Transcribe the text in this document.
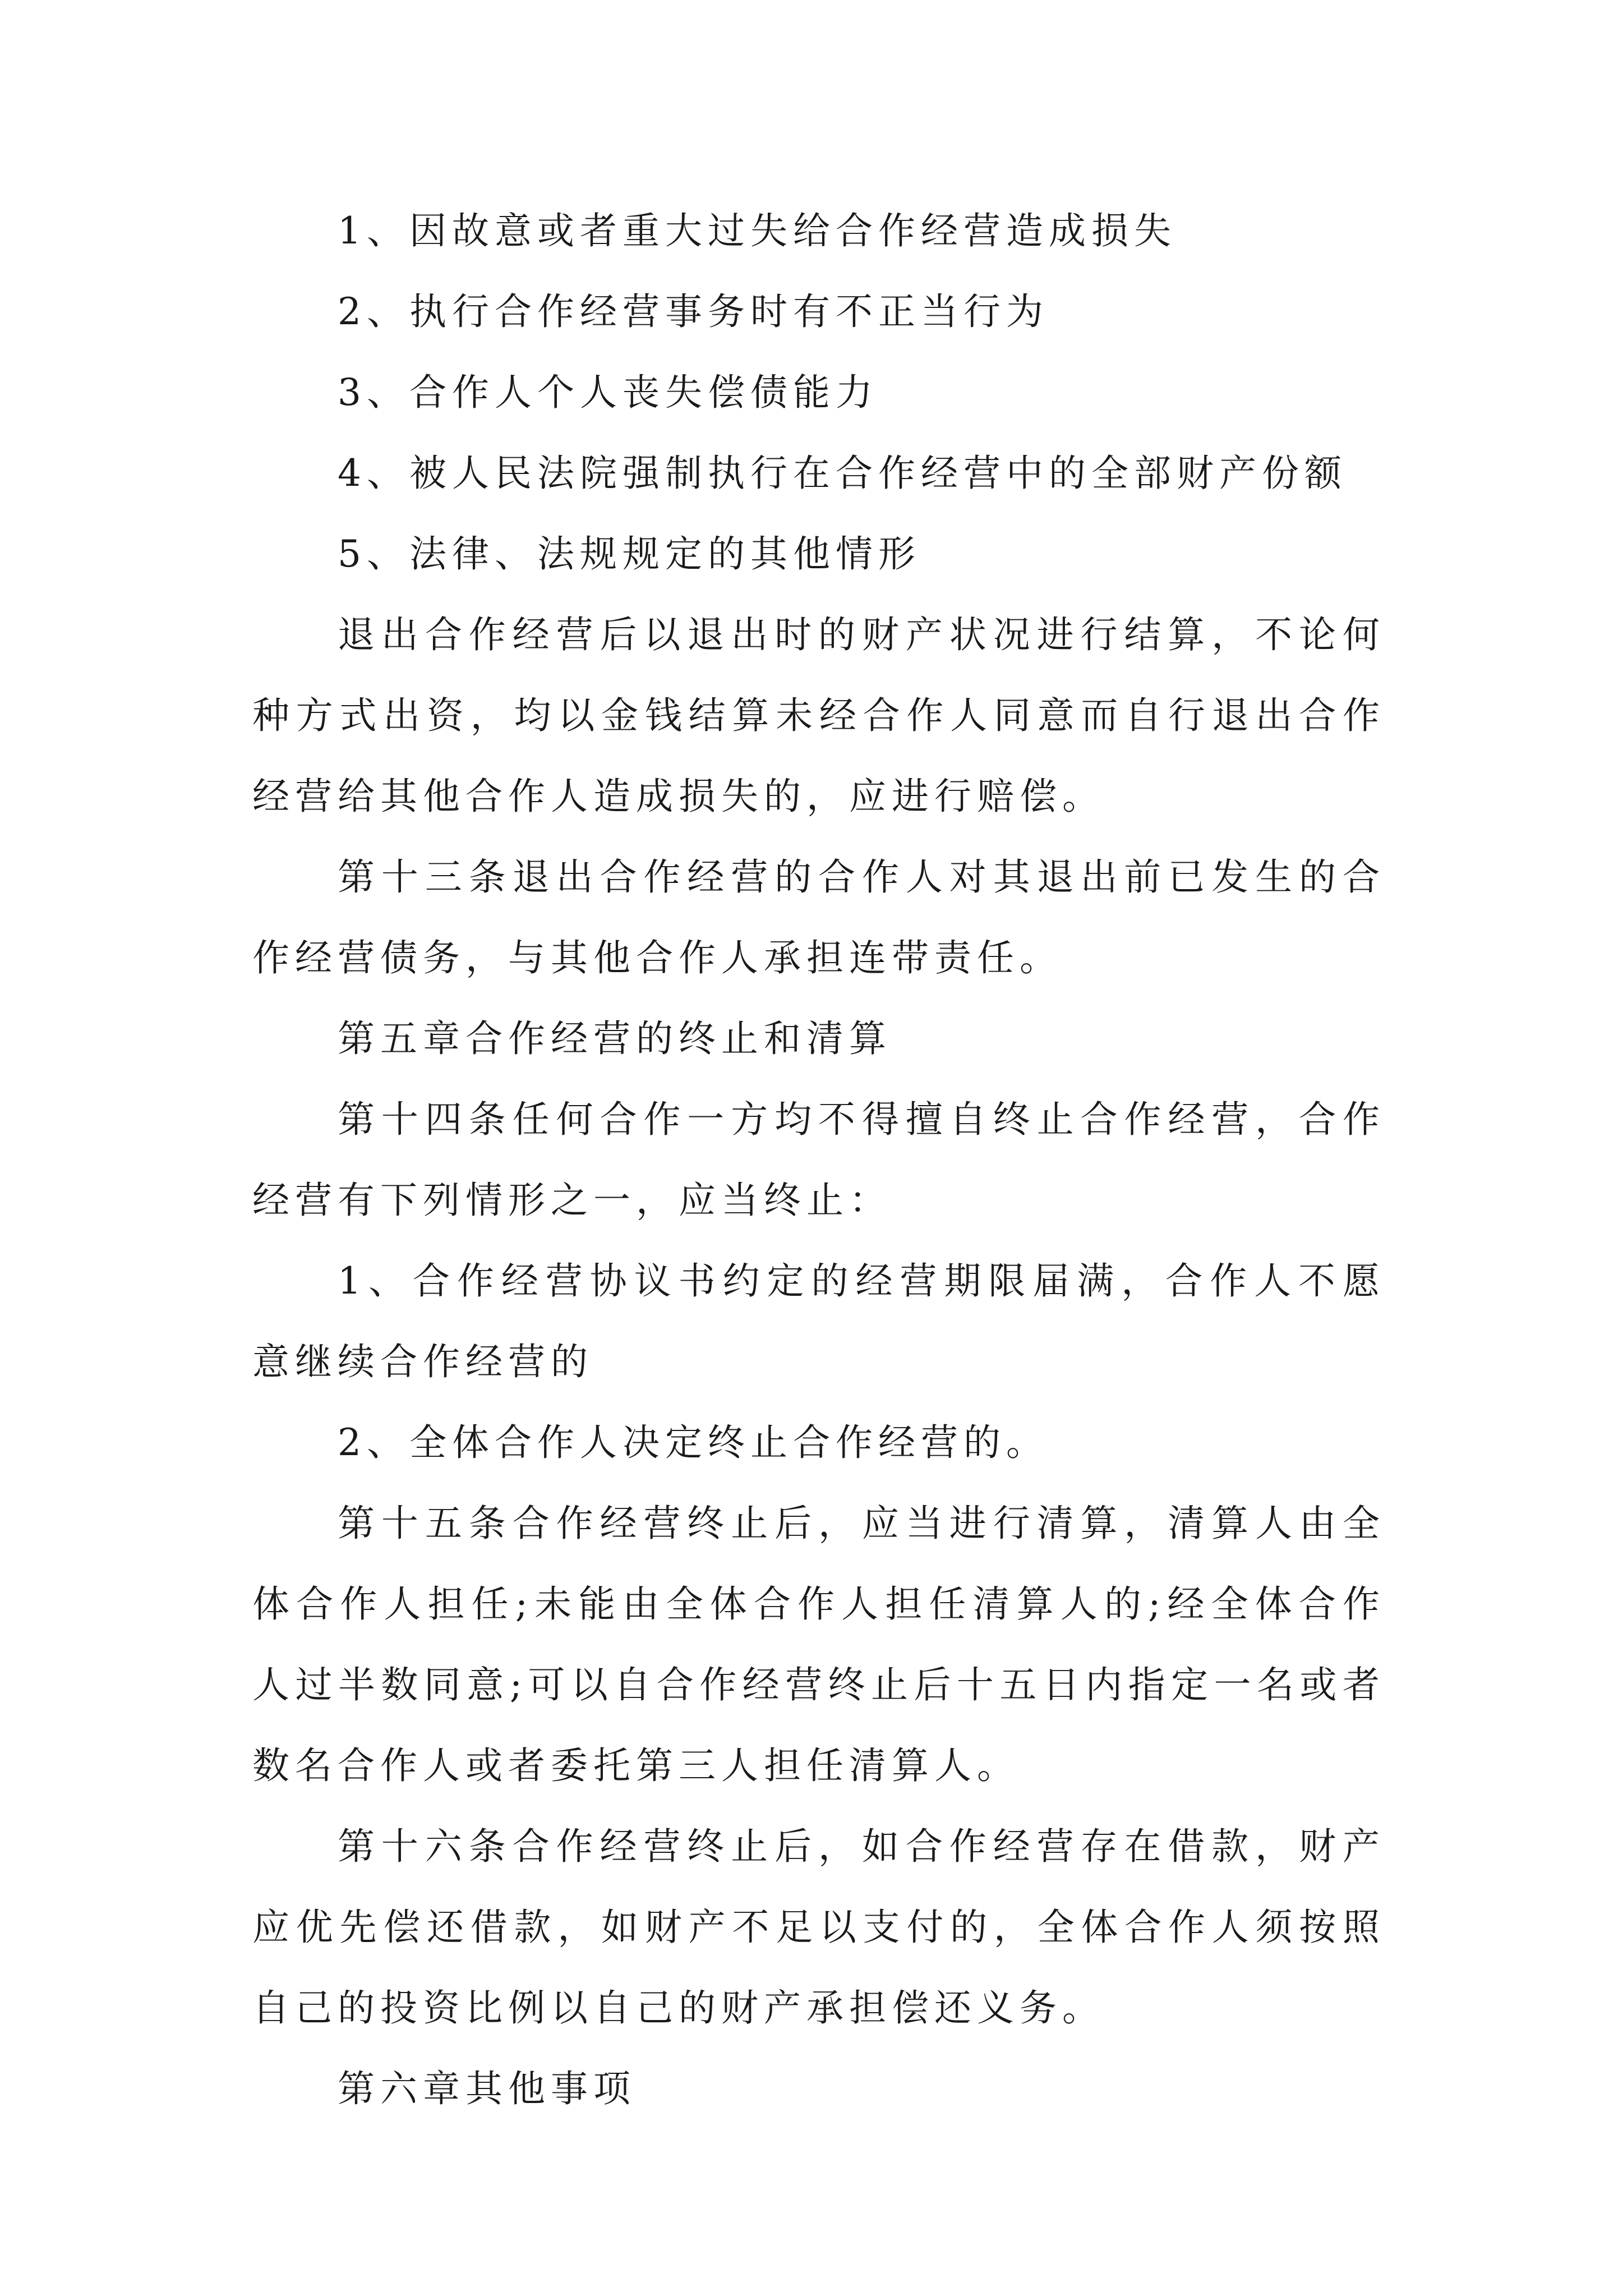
1、因故意或者重大过失给合作经营造成损失

2、执行合作经营事务时有不正当行为

3、合作人个人丧失偿债能力

4、被人民法院强制执行在合作经营中的全部财产份额

5、法律、法规规定的其他情形

退出合作经营后以退出时的财产状况进行结算，不论何种方式出资，均以金钱结算未经合作人同意而自行退出合作经营给其他合作人造成损失的，应进行赔偿。

第十三条退出合作经营的合作人对其退出前已发生的合作经营债务，与其他合作人承担连带责任。

第五章合作经营的终止和清算

第十四条任何合作一方均不得擅自终止合作经营，合作经营有下列情形之一，应当终止：

1、合作经营协议书约定的经营期限届满，合作人不愿意继续合作经营的

2、全体合作人决定终止合作经营的。

第十五条合作经营终止后，应当进行清算，清算人由全体合作人担任;未能由全体合作人担任清算人的;经全体合作人过半数同意;可以自合作经营终止后十五日内指定一名或者数名合作人或者委托第三人担任清算人。

第十六条合作经营终止后，如合作经营存在借款，财产应优先偿还借款，如财产不足以支付的，全体合作人须按照自己的投资比例以自己的财产承担偿还义务。

第六章其他事项
